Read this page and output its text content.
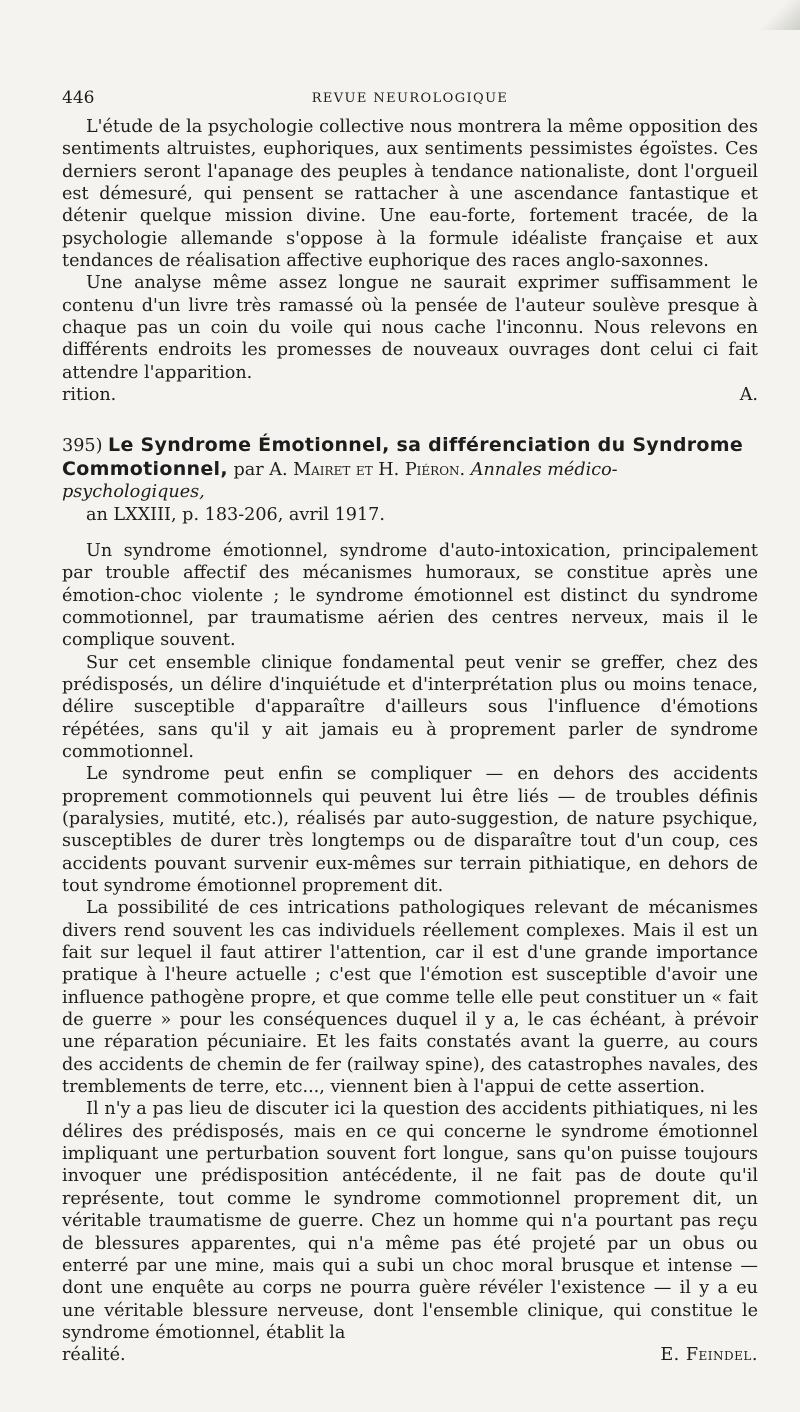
446	REVUE NEUROLOGIQUE

L'étude de la psychologie collective nous montrera la même opposition des sentiments altruistes, euphoriques, aux sentiments pessimistes égoïstes. Ces derniers seront l'apanage des peuples à tendance nationaliste, dont l'orgueil est démesuré, qui pensent se rattacher à une ascendance fantastique et détenir quelque mission divine. Une eau-forte, fortement tracée, de la psychologie allemande s'oppose à la formule idéaliste française et aux tendances de réalisation affective euphorique des races anglo-saxonnes.

Une analyse même assez longue ne saurait exprimer suffisamment le contenu d'un livre très ramassé où la pensée de l'auteur soulève presque à chaque pas un coin du voile qui nous cache l'inconnu. Nous relevons en différents endroits les promesses de nouveaux ouvrages dont celui ci fait attendre l'apparition.

rition.	A.
395) Le Syndrome Émotionnel, sa différenciation du Syndrome Commotionnel, par A. Mairet et H. Piéron. Annales médico-psychologiques,
an LXXIII, p. 183-206, avril 1917.

Un syndrome émotionnel, syndrome d'auto-intoxication, principalement par trouble affectif des mécanismes humoraux, se constitue après une émotion-choc violente ; le syndrome émotionnel est distinct du syndrome commotionnel, par traumatisme aérien des centres nerveux, mais il le complique souvent.

Sur cet ensemble clinique fondamental peut venir se greffer, chez des prédisposés, un délire d'inquiétude et d'interprétation plus ou moins tenace, délire susceptible d'apparaître d'ailleurs sous l'influence d'émotions répétées, sans qu'il y ait jamais eu à proprement parler de syndrome commotionnel.

Le syndrome peut enfin se compliquer — en dehors des accidents proprement commotionnels qui peuvent lui être liés — de troubles définis (paralysies, mutité, etc.), réalisés par auto-suggestion, de nature psychique, susceptibles de durer très longtemps ou de disparaître tout d'un coup, ces accidents pouvant survenir eux-mêmes sur terrain pithiatique, en dehors de tout syndrome émotionnel proprement dit.

La possibilité de ces intrications pathologiques relevant de mécanismes divers rend souvent les cas individuels réellement complexes. Mais il est un fait sur lequel il faut attirer l'attention, car il est d'une grande importance pratique à l'heure actuelle ; c'est que l'émotion est susceptible d'avoir une influence pathogène propre, et que comme telle elle peut constituer un « fait de guerre » pour les conséquences duquel il y a, le cas échéant, à prévoir une réparation pécuniaire. Et les faits constatés avant la guerre, au cours des accidents de chemin de fer (railway spine), des catastrophes navales, des tremblements de terre, etc..., viennent bien à l'appui de cette assertion.

Il n'y a pas lieu de discuter ici la question des accidents pithiatiques, ni les délires des prédisposés, mais en ce qui concerne le syndrome émotionnel impliquant une perturbation souvent fort longue, sans qu'on puisse toujours invoquer une prédisposition antécédente, il ne fait pas de doute qu'il représente, tout comme le syndrome commotionnel proprement dit, un véritable traumatisme de guerre. Chez un homme qui n'a pourtant pas reçu de blessures apparentes, qui n'a même pas été projeté par un obus ou enterré par une mine, mais qui a subi un choc moral brusque et intense — dont une enquête au corps ne pourra guère révéler l'existence — il y a eu une véritable blessure nerveuse, dont l'ensemble clinique, qui constitue le syndrome émotionnel, établit la

réalité.	E. Feindel.
